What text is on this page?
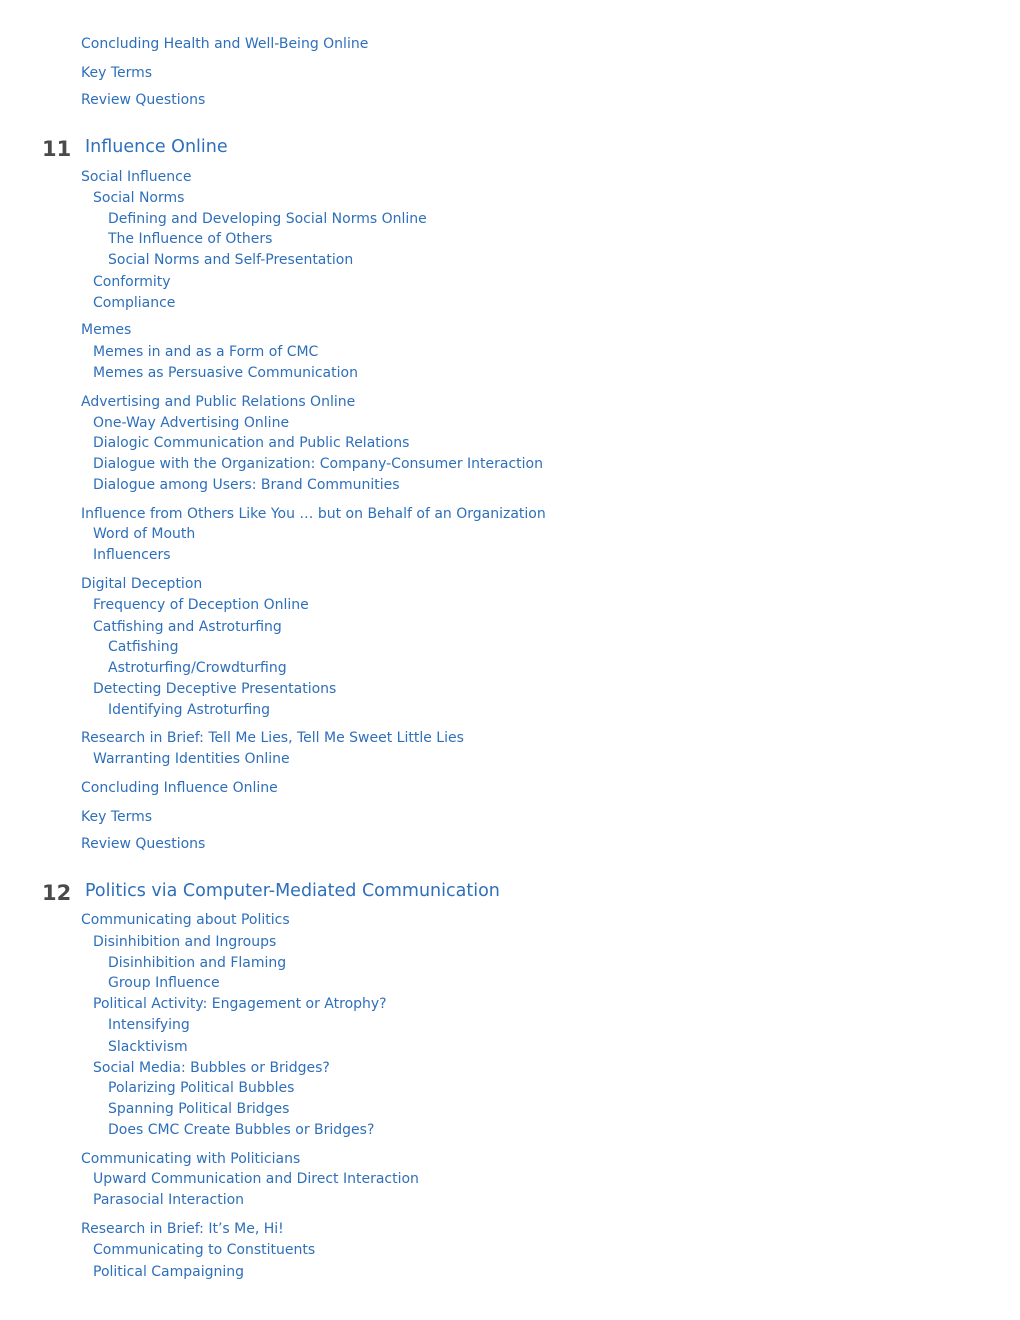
Concluding Health and Well-Being Online
Key Terms
Review Questions
11 Influence Online
Social Influence
Social Norms
Defining and Developing Social Norms Online
The Influence of Others
Social Norms and Self-Presentation
Conformity
Compliance
Memes
Memes in and as a Form of CMC
Memes as Persuasive Communication
Advertising and Public Relations Online
One-Way Advertising Online
Dialogic Communication and Public Relations
Dialogue with the Organization: Company-Consumer Interaction
Dialogue among Users: Brand Communities
Influence from Others Like You … but on Behalf of an Organization
Word of Mouth
Influencers
Digital Deception
Frequency of Deception Online
Catfishing and Astroturfing
Catfishing
Astroturfing/Crowdturfing
Detecting Deceptive Presentations
Identifying Astroturfing
Research in Brief: Tell Me Lies, Tell Me Sweet Little Lies
Warranting Identities Online
Concluding Influence Online
Key Terms
Review Questions
12 Politics via Computer-Mediated Communication
Communicating about Politics
Disinhibition and Ingroups
Disinhibition and Flaming
Group Influence
Political Activity: Engagement or Atrophy?
Intensifying
Slacktivism
Social Media: Bubbles or Bridges?
Polarizing Political Bubbles
Spanning Political Bridges
Does CMC Create Bubbles or Bridges?
Communicating with Politicians
Upward Communication and Direct Interaction
Parasocial Interaction
Research in Brief: It’s Me, Hi!
Communicating to Constituents
Political Campaigning
